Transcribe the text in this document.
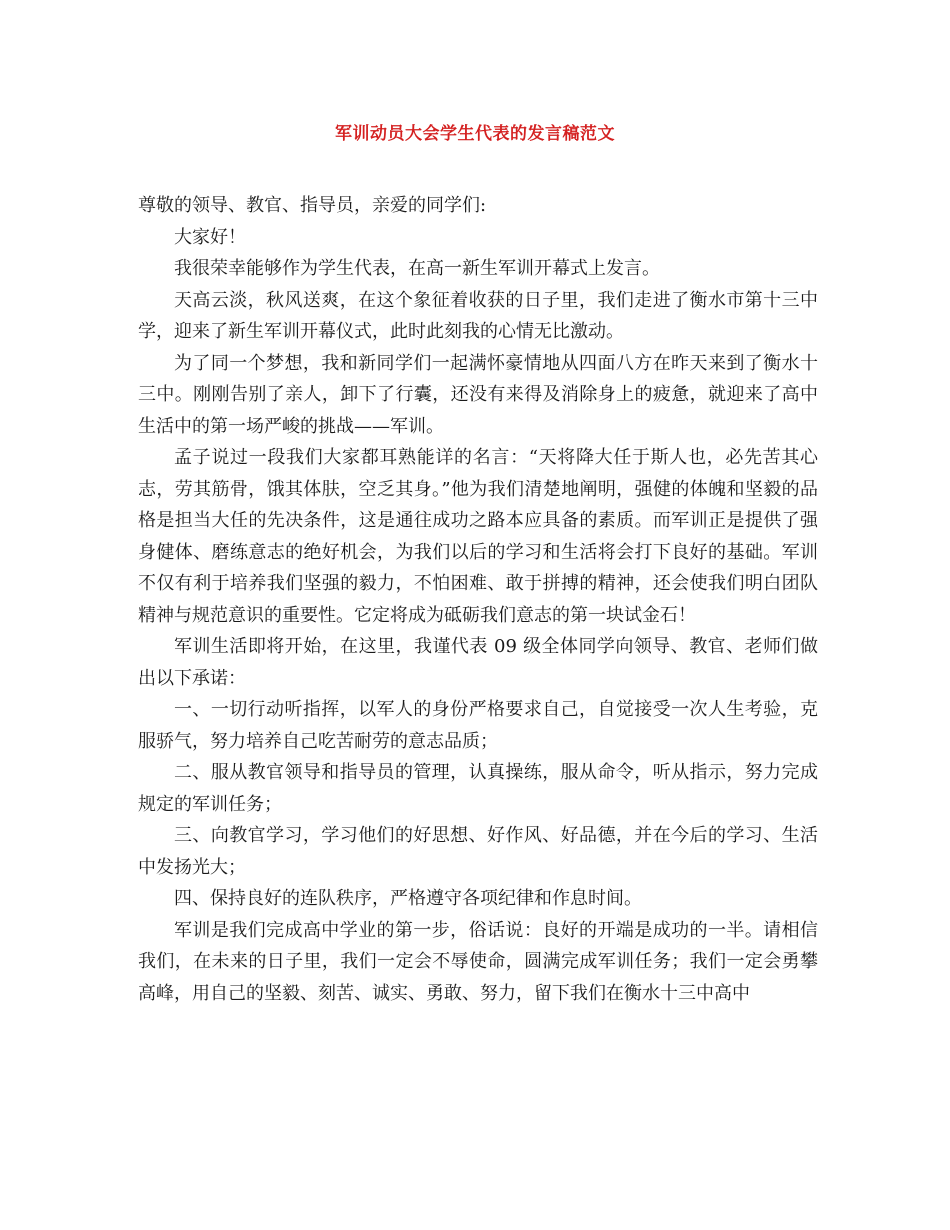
军训动员大会学生代表的发言稿范文

尊敬的领导、教官、指导员，亲爱的同学们:

大家好！

我很荣幸能够作为学生代表，在高一新生军训开幕式上发言。

天高云淡，秋风送爽，在这个象征着收获的日子里，我们走进了衡水市第十三中学，迎来了新生军训开幕仪式，此时此刻我的心情无比激动。

为了同一个梦想，我和新同学们一起满怀豪情地从四面八方在昨天来到了衡水十三中。刚刚告别了亲人，卸下了行囊，还没有来得及消除身上的疲惫，就迎来了高中生活中的第一场严峻的挑战——军训。

孟子说过一段我们大家都耳熟能详的名言：“天将降大任于斯人也，必先苦其心志，劳其筋骨，饿其体肤，空乏其身。”他为我们清楚地阐明，强健的体魄和坚毅的品格是担当大任的先决条件，这是通往成功之路本应具备的素质。而军训正是提供了强身健体、磨练意志的绝好机会，为我们以后的学习和生活将会打下良好的基础。军训不仅有利于培养我们坚强的毅力，不怕困难、敢于拼搏的精神，还会使我们明白团队精神与规范意识的重要性。它定将成为砥砺我们意志的第一块试金石！

军训生活即将开始，在这里，我谨代表 09 级全体同学向领导、教官、老师们做出以下承诺：

一、一切行动听指挥，以军人的身份严格要求自己，自觉接受一次人生考验，克服骄气，努力培养自己吃苦耐劳的意志品质；

二、服从教官领导和指导员的管理，认真操练，服从命令，听从指示，努力完成规定的军训任务；

三、向教官学习，学习他们的好思想、好作风、好品德，并在今后的学习、生活中发扬光大；

四、保持良好的连队秩序，严格遵守各项纪律和作息时间。

军训是我们完成高中学业的第一步，俗话说：良好的开端是成功的一半。请相信我们，在未来的日子里，我们一定会不辱使命，圆满完成军训任务；我们一定会勇攀高峰，用自己的坚毅、刻苦、诚实、勇敢、努力，留下我们在衡水十三中高中
